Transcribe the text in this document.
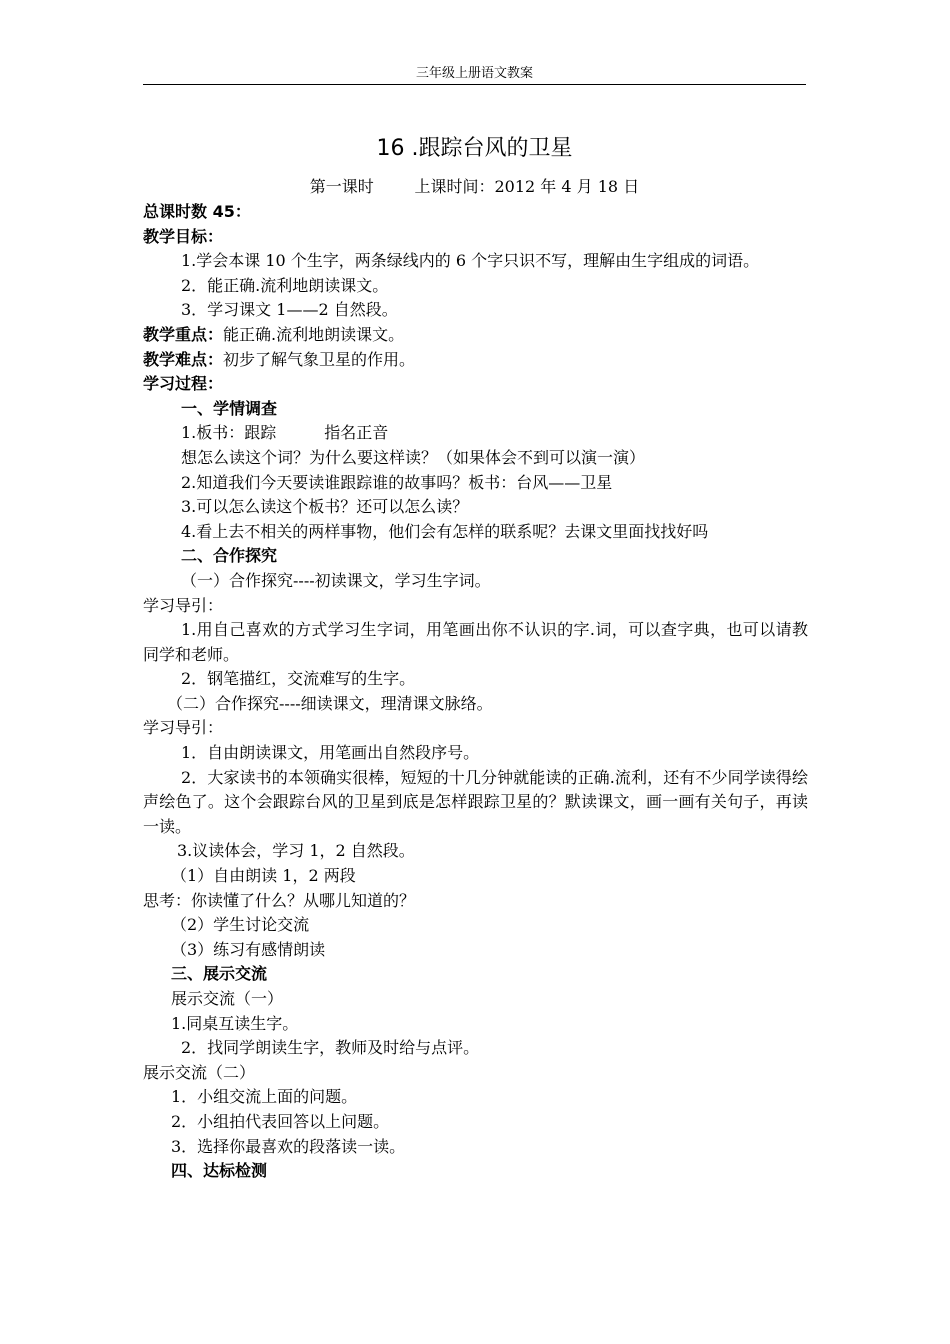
三年级上册语文教案
16 .跟踪台风的卫星
第一课时	上课时间：2012 年 4 月 18 日
总课时数 45：
教学目标：
1.学会本课 10 个生字，两条绿线内的 6 个字只识不写，理解由生字组成的词语。
2．能正确.流利地朗读课文。
3．学习课文 1——2 自然段。
教学重点：能正确.流利地朗读课文。
教学难点：初步了解气象卫星的作用。
学习过程：
一、学情调查
1.板书：跟踪	指名正音
想怎么读这个词？为什么要这样读？（如果体会不到可以演一演）
2.知道我们今天要读谁跟踪谁的故事吗？板书：台风——卫星
3.可以怎么读这个板书？还可以怎么读？
4.看上去不相关的两样事物，他们会有怎样的联系呢？去课文里面找找好吗
二、合作探究
（一）合作探究----初读课文，学习生字词。
学习导引：
1.用自己喜欢的方式学习生字词，用笔画出你不认识的字.词，可以查字典，也可以请教同学和老师。
2．钢笔描红，交流难写的生字。
（二）合作探究----细读课文，理清课文脉络。
学习导引：
1．自由朗读课文，用笔画出自然段序号。
2．大家读书的本领确实很棒，短短的十几分钟就能读的正确.流利，还有不少同学读得绘声绘色了。这个会跟踪台风的卫星到底是怎样跟踪卫星的？默读课文，画一画有关句子，再读一读。
3.议读体会，学习 1，2 自然段。
（1）自由朗读 1，2 两段
思考：你读懂了什么？从哪儿知道的？
（2）学生讨论交流
（3）练习有感情朗读
三、展示交流
展示交流（一）
1.同桌互读生字。
2．找同学朗读生字，教师及时给与点评。
展示交流（二）
1．小组交流上面的问题。
2．小组拍代表回答以上问题。
3．选择你最喜欢的段落读一读。
四、达标检测
